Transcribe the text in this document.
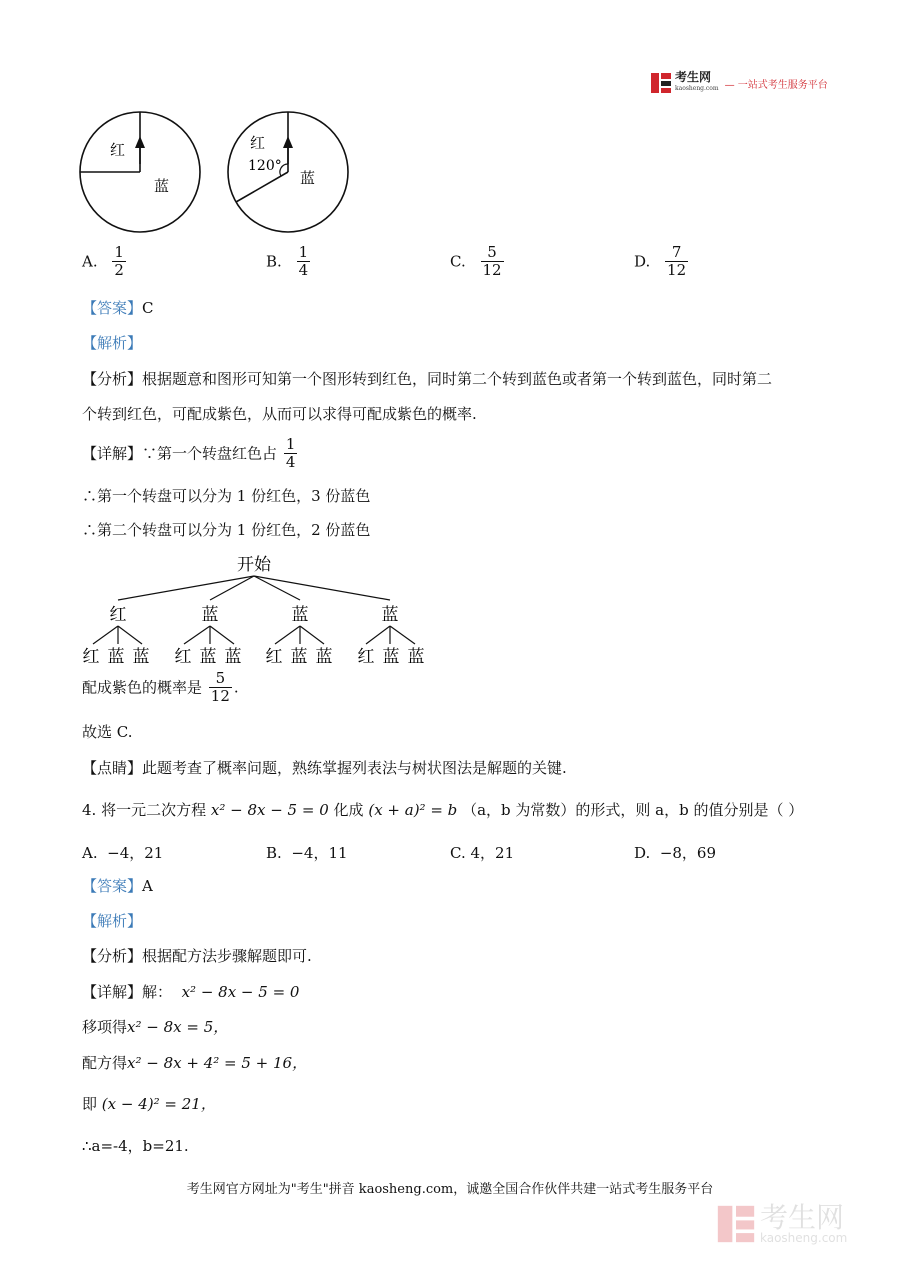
考生网
kaosheng.com — 一站式考生服务平台
红
蓝
红
120°
蓝
A. $\frac{1}{2}$	B. $\frac{1}{4}$	C. $\frac{5}{12}$	D. $\frac{7}{12}$
【答案】C
【解析】
【分析】根据题意和图形可知第一个图形转到红色，同时第二个转到蓝色或者第一个转到蓝色，同时第二
个转到红色，可配成紫色，从而可以求得可配成紫色的概率.
【详解】∵第一个转盘红色占 $\frac{1}{4}$
∴第一个转盘可以分为 1 份红色，3 份蓝色
∴第二个转盘可以分为 1 份红色，2 份蓝色
开始
红	蓝	蓝	蓝
红 蓝 蓝 红 蓝 蓝 红 蓝 蓝 红 蓝 蓝
配成紫色的概率是 $\frac{5}{12}$ .
故选 C.
【点睛】此题考查了概率问题，熟练掌握列表法与树状图法是解题的关键.
4. 将一元二次方程 x² − 8x − 5 = 0 化成 (x + a)² = b （a，b 为常数）的形式，则 a，b 的值分别是（ ）
A. −4，21	B. −4，11	C. 4，21	D. −8，69
【答案】A
【解析】
【分析】根据配方法步骤解题即可.
【详解】解： x² − 8x − 5 = 0
移项得x² − 8x = 5，
配方得x² − 8x + 4² = 5 + 16，
即 (x − 4)² = 21，
∴a=-4，b=21.
考生网官方网址为"考生"拼音 kaosheng.com，诚邀全国合作伙伴共建一站式考生服务平台
考生网
kaosheng.com
